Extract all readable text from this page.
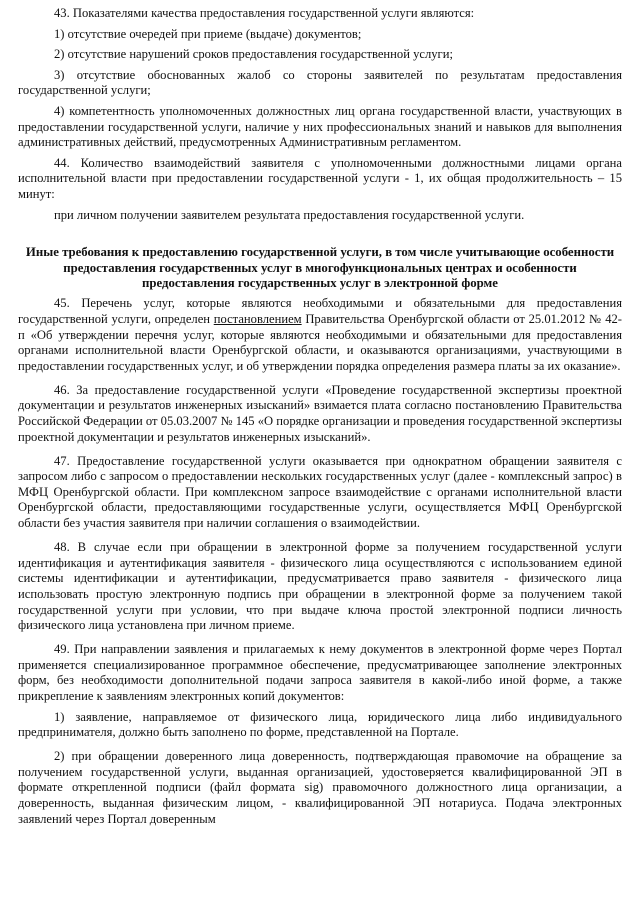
43. Показателями качества предоставления государственной услуги являются:

1) отсутствие очередей при приеме (выдаче) документов;

2) отсутствие нарушений сроков предоставления государственной услуги;

3) отсутствие обоснованных жалоб со стороны заявителей по результатам предоставления государственной услуги;

4) компетентность уполномоченных должностных лиц органа государственной власти, участвующих в предоставлении государственной услуги, наличие у них профессиональных знаний и навыков для выполнения административных действий, предусмотренных Административным регламентом.

44. Количество взаимодействий заявителя с уполномоченными должностными лицами органа исполнительной власти при предоставлении государственной услуги - 1, их общая продолжительность – 15 минут:

при личном получении заявителем результата предоставления государственной услуги.

Иные требования к предоставлению государственной услуги, в том числе учитывающие особенности предоставления государственных услуг в многофункциональных центрах и особенности предоставления государственных услуг в электронной форме

45. Перечень услуг, которые являются необходимыми и обязательными для предоставления государственной услуги, определен постановлением Правительства Оренбургской области от 25.01.2012 № 42-п «Об утверждении перечня услуг, которые являются необходимыми и обязательными для предоставления органами исполнительной власти Оренбургской области, и оказываются организациями, участвующими в предоставлении государственных услуг, и об утверждении порядка определения размера платы за их оказание».

46. За предоставление государственной услуги «Проведение государственной экспертизы проектной документации и результатов инженерных изысканий» взимается плата согласно постановлению Правительства Российской Федерации от 05.03.2007 № 145 «О порядке организации и проведения государственной экспертизы проектной документации и результатов инженерных изысканий».

47. Предоставление государственной услуги оказывается при однократном обращении заявителя с запросом либо с запросом о предоставлении нескольких государственных услуг (далее - комплексный запрос) в МФЦ Оренбургской области. При комплексном запросе взаимодействие с органами исполнительной власти Оренбургской области, предоставляющими государственные услуги, осуществляется МФЦ Оренбургской области без участия заявителя при наличии соглашения о взаимодействии.

48. В случае если при обращении в электронной форме за получением государственной услуги идентификация и аутентификация заявителя - физического лица осуществляются с использованием единой системы идентификации и аутентификации, предусматривается право заявителя - физического лица использовать простую электронную подпись при обращении в электронной форме за получением такой государственной услуги при условии, что при выдаче ключа простой электронной подписи личность физического лица установлена при личном приеме.

49. При направлении заявления и прилагаемых к нему документов в электронной форме через Портал применяется специализированное программное обеспечение, предусматривающее заполнение электронных форм, без необходимости дополнительной подачи запроса заявителя в какой-либо иной форме, а также прикрепление к заявлениям электронных копий документов:

1) заявление, направляемое от физического лица, юридического лица либо индивидуального предпринимателя, должно быть заполнено по форме, представленной на Портале.

2) при обращении доверенного лица доверенность, подтверждающая правомочие на обращение за получением государственной услуги, выданная организацией, удостоверяется квалифицированной ЭП в формате открепленной подписи (файл формата sig) правомочного должностного лица организации, а доверенность, выданная физическим лицом, - квалифицированной ЭП нотариуса. Подача электронных заявлений через Портал доверенным
